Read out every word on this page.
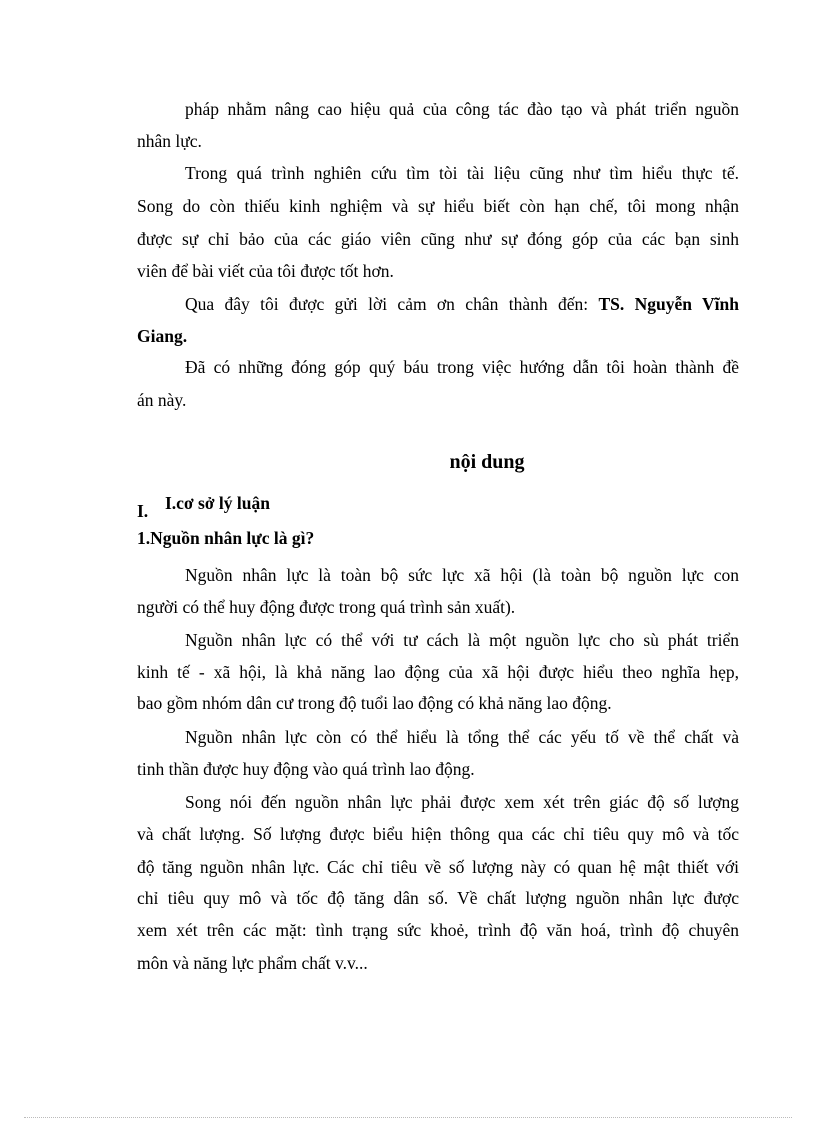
pháp nhằm nâng cao hiệu quả của công tác đào tạo và phát triển nguồn
nhân lực.
Trong quá trình nghiên cứu tìm tòi tài liệu cũng như tìm hiểu thực tế.
Song do còn thiếu kinh nghiệm và sự hiểu biết còn hạn chế, tôi mong nhận
được sự chỉ bảo của các giáo viên cũng như sự đóng góp của các bạn sinh
viên để bài viết của tôi được tốt hơn.
Qua đây tôi được gửi lời cảm ơn chân thành đến: TS. Nguyễn Vĩnh
Giang.
Đã có những đóng góp quý báu trong việc hướng dẫn tôi hoàn thành đề
án này.
nội dung
I. I.cơ sở lý luận
1.Nguồn nhân lực là gì?
Nguồn nhân lực là toàn bộ sức lực xã hội (là toàn bộ nguồn lực con
người có thể huy động được trong quá trình sản xuất).
Nguồn nhân lực có thể với tư cách là một nguồn lực cho sù phát triển
kinh tế - xã hội, là khả năng lao động của xã hội được hiểu theo nghĩa hẹp,
bao gồm nhóm dân cư trong độ tuổi lao động có khả năng lao động.
Nguồn nhân lực còn có thể hiểu là tổng thể các yếu tố về thể chất và
tinh thần được huy động vào quá trình lao động.
Song nói đến nguồn nhân lực phải được xem xét trên giác độ số lượng
và chất lượng. Số lượng được biểu hiện thông qua các chỉ tiêu quy mô và tốc
độ tăng nguồn nhân lực. Các chỉ tiêu về số lượng này có quan hệ mật thiết với
chỉ tiêu quy mô và tốc độ tăng dân số. Về chất lượng nguồn nhân lực được
xem xét trên các mặt: tình trạng sức khoẻ, trình độ văn hoá, trình độ chuyên
môn và năng lực phẩm chất v.v...
